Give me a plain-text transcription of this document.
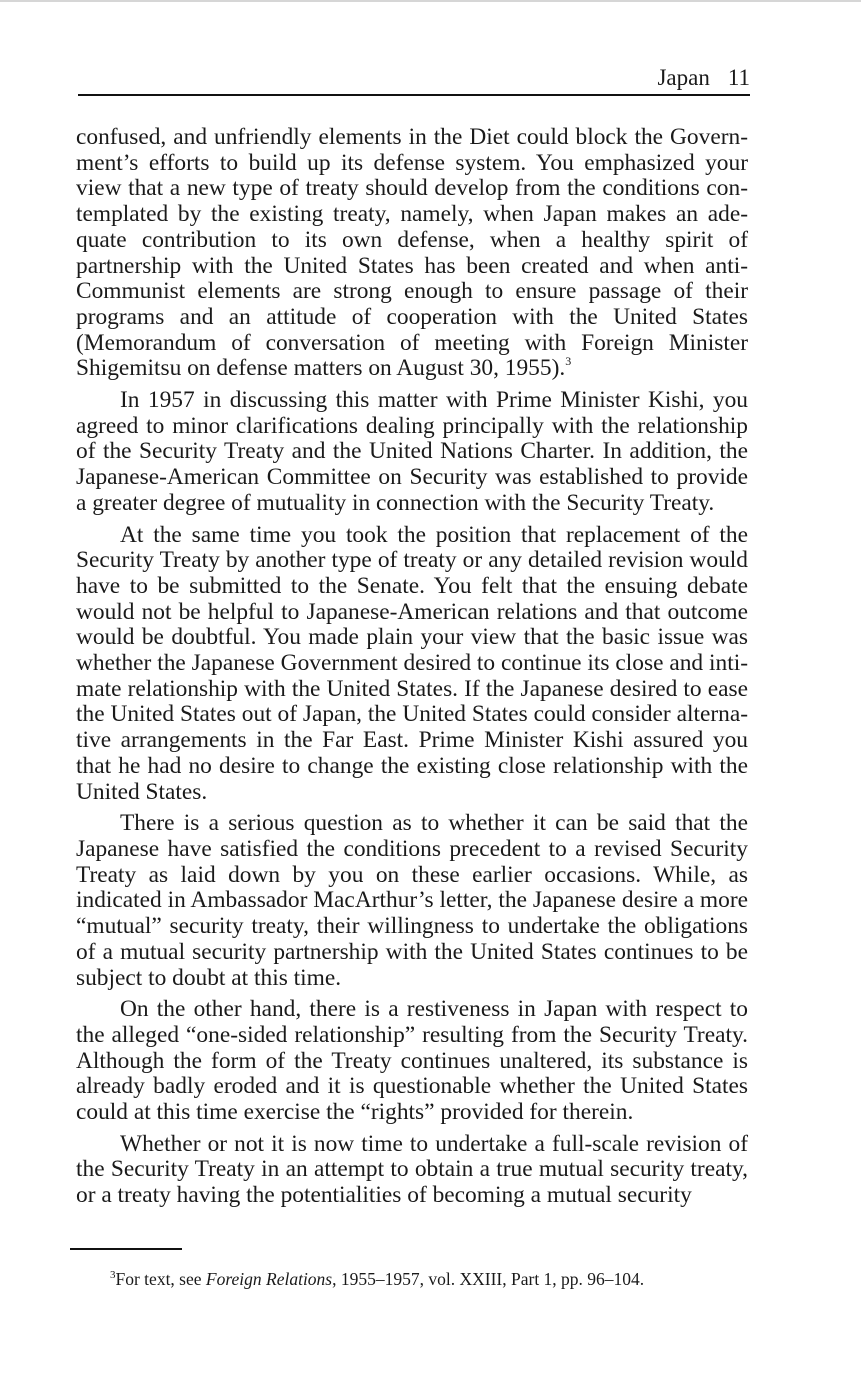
Japan 11

confused, and unfriendly elements in the Diet could block the Government’s efforts to build up its defense system. You emphasized your view that a new type of treaty should develop from the conditions contemplated by the existing treaty, namely, when Japan makes an adequate contribution to its own defense, when a healthy spirit of partnership with the United States has been created and when anti-Communist elements are strong enough to ensure passage of their programs and an attitude of cooperation with the United States (Memorandum of conversation of meeting with Foreign Minister Shigemitsu on defense matters on August 30, 1955).$^3$

In 1957 in discussing this matter with Prime Minister Kishi, you agreed to minor clarifications dealing principally with the relationship of the Security Treaty and the United Nations Charter. In addition, the Japanese-American Committee on Security was established to provide a greater degree of mutuality in connection with the Security Treaty.

At the same time you took the position that replacement of the Security Treaty by another type of treaty or any detailed revision would have to be submitted to the Senate. You felt that the ensuing debate would not be helpful to Japanese-American relations and that outcome would be doubtful. You made plain your view that the basic issue was whether the Japanese Government desired to continue its close and intimate relationship with the United States. If the Japanese desired to ease the United States out of Japan, the United States could consider alternative arrangements in the Far East. Prime Minister Kishi assured you that he had no desire to change the existing close relationship with the United States.

There is a serious question as to whether it can be said that the Japanese have satisfied the conditions precedent to a revised Security Treaty as laid down by you on these earlier occasions. While, as indicated in Ambassador MacArthur’s letter, the Japanese desire a more “mutual” security treaty, their willingness to undertake the obligations of a mutual security partnership with the United States continues to be subject to doubt at this time.

On the other hand, there is a restiveness in Japan with respect to the alleged “one-sided relationship” resulting from the Security Treaty. Although the form of the Treaty continues unaltered, its substance is already badly eroded and it is questionable whether the United States could at this time exercise the “rights” provided for therein.

Whether or not it is now time to undertake a full-scale revision of the Security Treaty in an attempt to obtain a true mutual security treaty, or a treaty having the potentialities of becoming a mutual security

$^3$For text, see Foreign Relations, 1955–1957, vol. XXIII, Part 1, pp. 96–104.
